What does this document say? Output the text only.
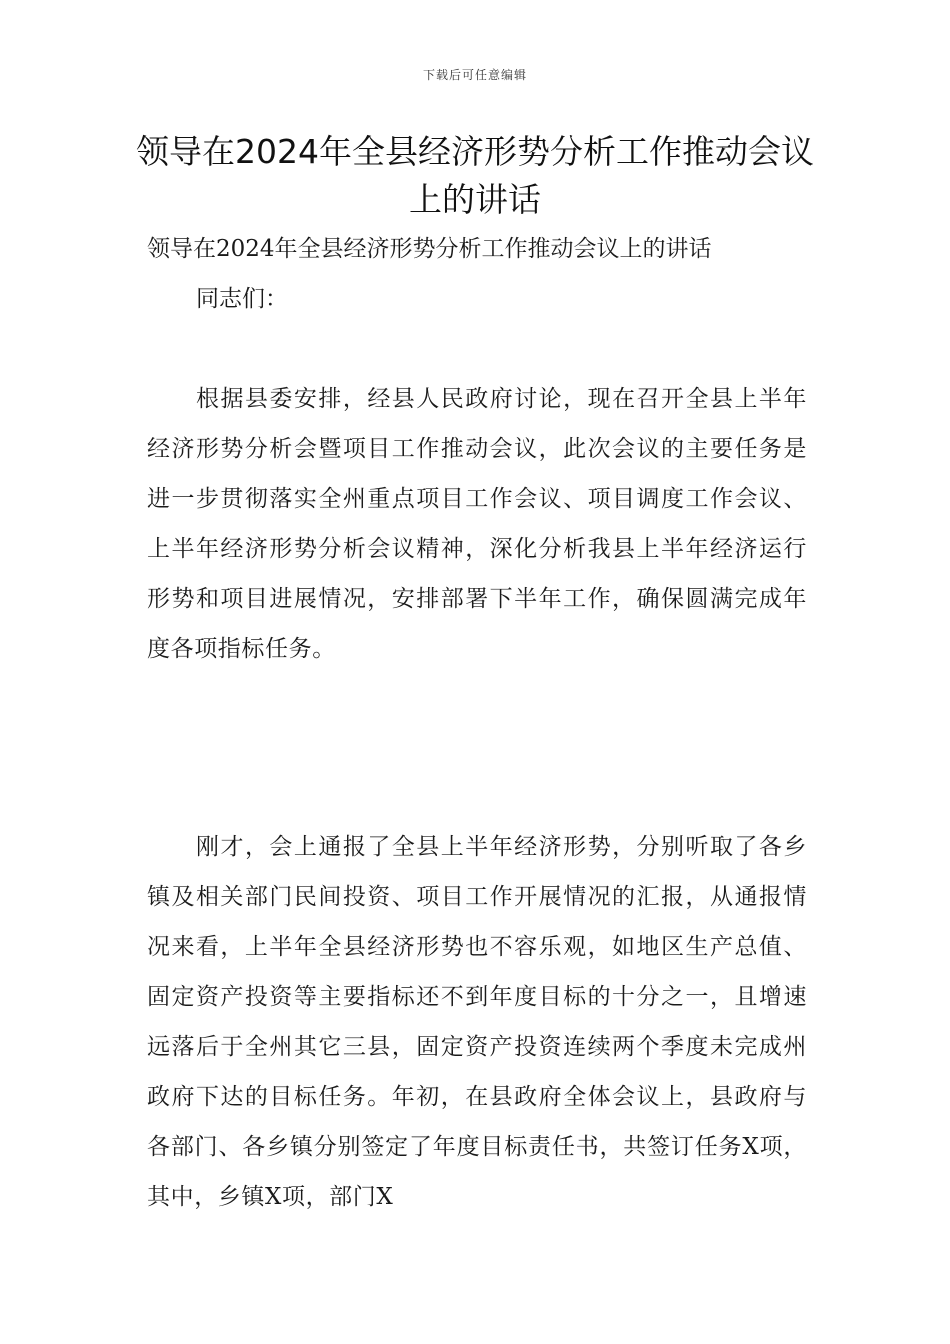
下载后可任意编辑
领导在2024年全县经济形势分析工作推动会议上的讲话
领导在2024年全县经济形势分析工作推动会议上的讲话
同志们：
根据县委安排，经县人民政府讨论，现在召开全县上半年经济形势分析会暨项目工作推动会议，此次会议的主要任务是进一步贯彻落实全州重点项目工作会议、项目调度工作会议、上半年经济形势分析会议精神，深化分析我县上半年经济运行形势和项目进展情况，安排部署下半年工作，确保圆满完成年度各项指标任务。
刚才，会上通报了全县上半年经济形势，分别听取了各乡镇及相关部门民间投资、项目工作开展情况的汇报，从通报情况来看，上半年全县经济形势也不容乐观，如地区生产总值、固定资产投资等主要指标还不到年度目标的十分之一，且增速远落后于全州其它三县，固定资产投资连续两个季度未完成州政府下达的目标任务。年初，在县政府全体会议上，县政府与各部门、各乡镇分别签定了年度目标责任书，共签订任务X项，其中，乡镇X项，部门X
